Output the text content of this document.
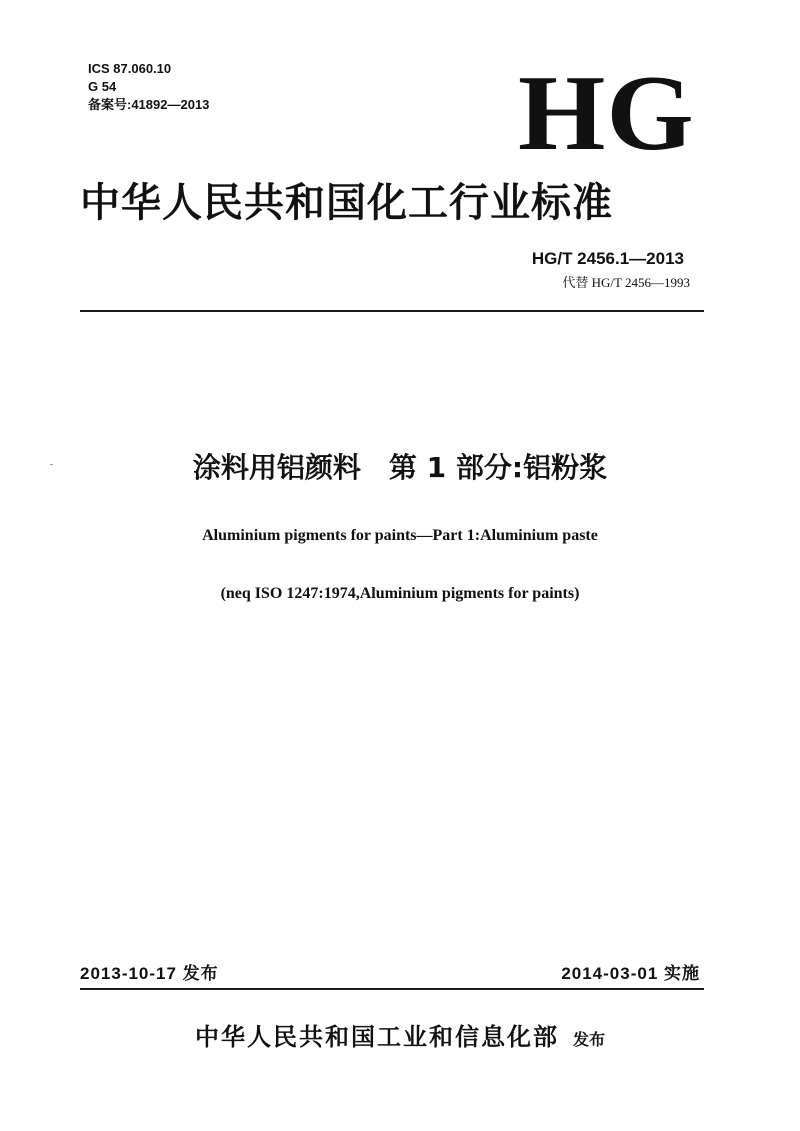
ICS 87.060.10
G 54
备案号:41892—2013	HG
中华人民共和国化工行业标准
HG/T 2456.1—2013
代替 HG/T 2456—1993
涂料用铝颜料　第 1 部分:铝粉浆
Aluminium pigments for paints—Part 1:Aluminium paste
(neq ISO 1247:1974,Aluminium pigments for paints)
2013-10-17 发布	2014-03-01 实施
中华人民共和国工业和信息化部 发布
